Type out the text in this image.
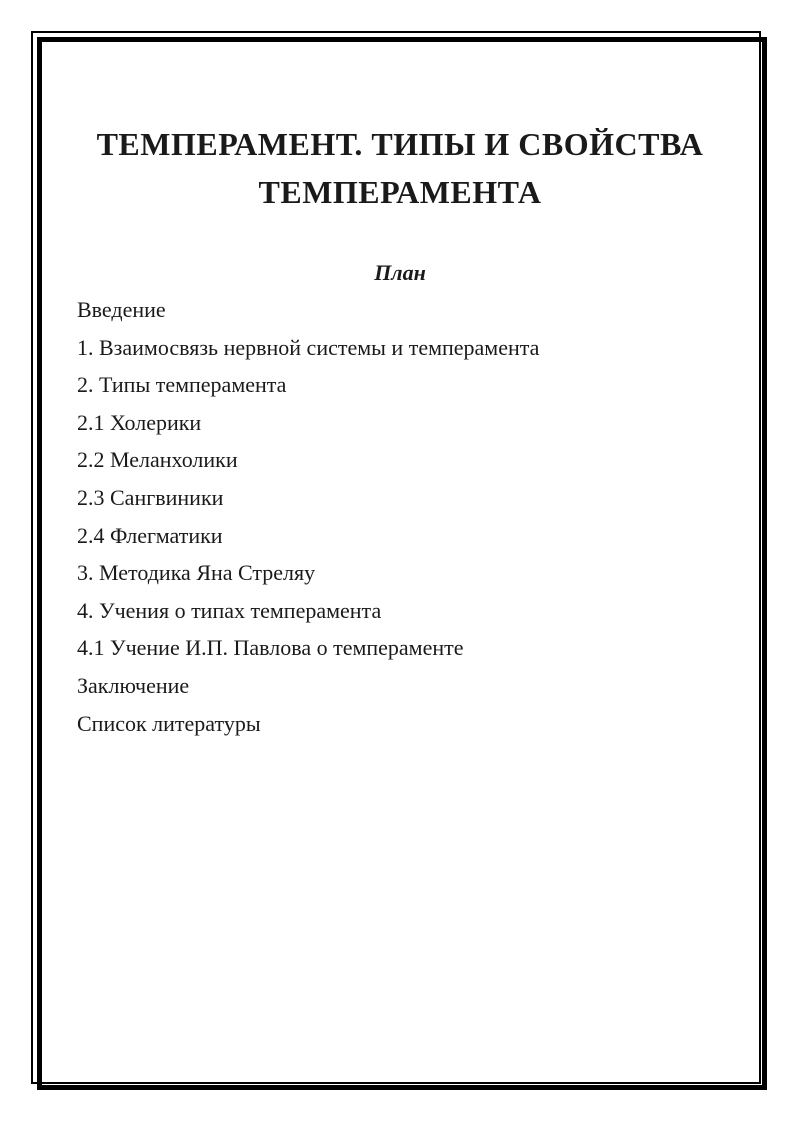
ТЕМПЕРАМЕНТ. ТИПЫ И СВОЙСТВА
ТЕМПЕРАМЕНТА
План
Введение
1. Взаимосвязь нервной системы и темперамента
2. Типы темперамента
2.1 Холерики
2.2 Меланхолики
2.3 Сангвиники
2.4 Флегматики
3. Методика Яна Стреляу
4. Учения о типах темперамента
4.1 Учение И.П. Павлова о темпераменте
Заключение
Список литературы
